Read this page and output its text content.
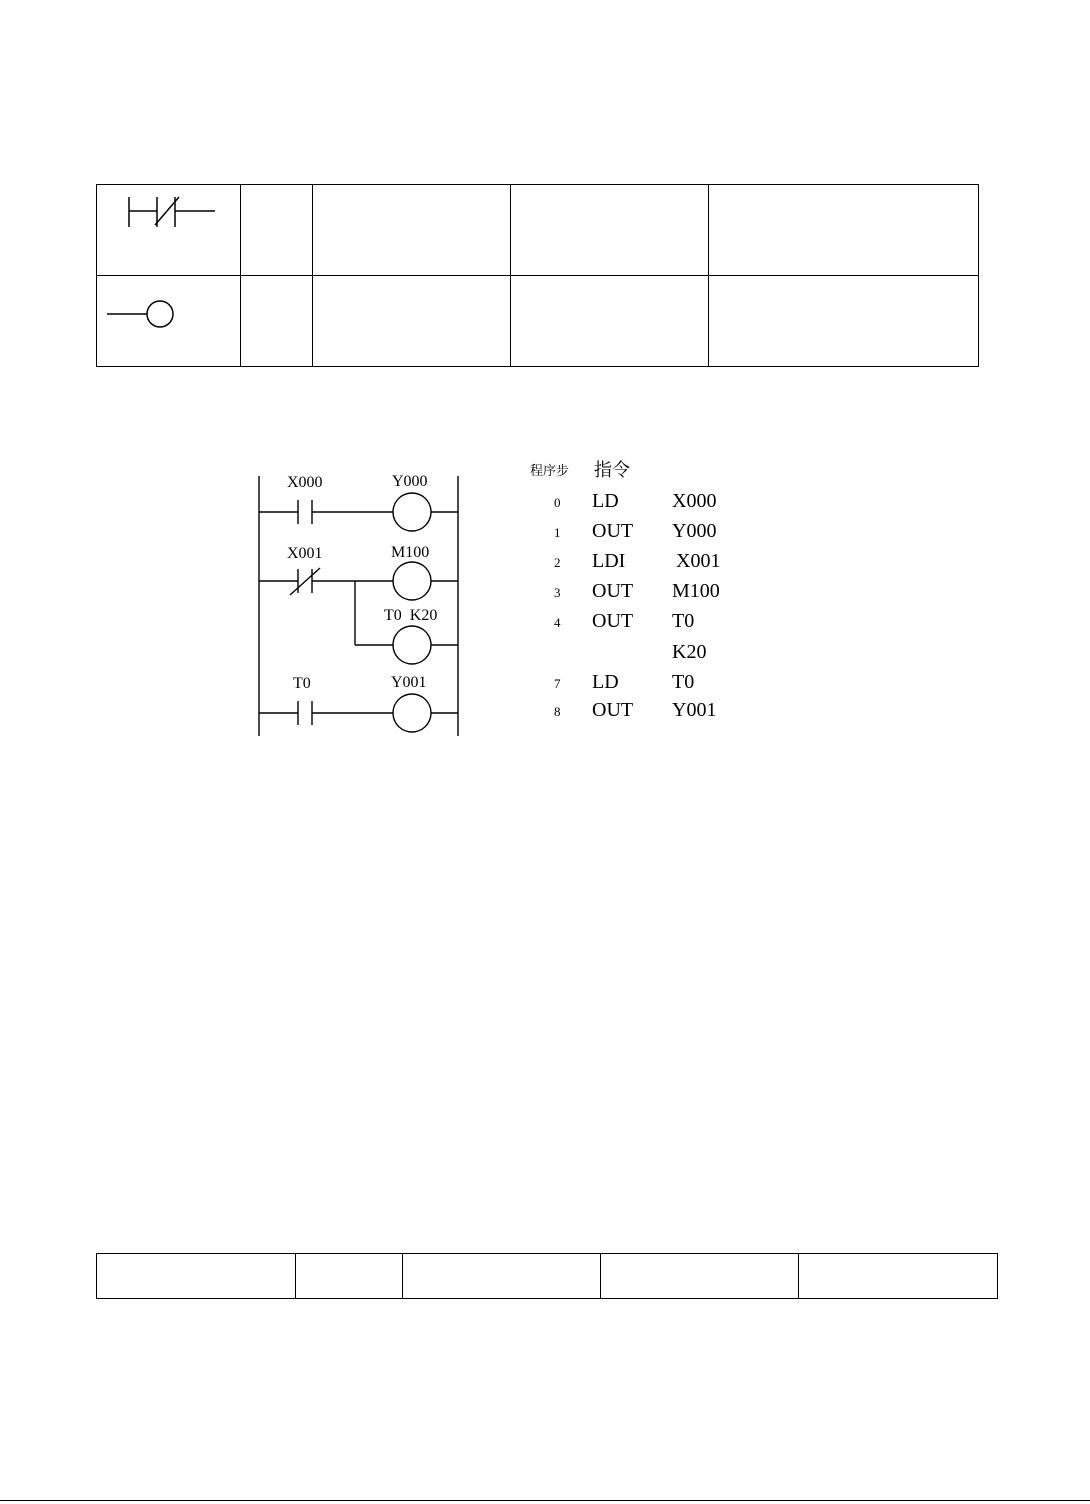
X000	Y000
X001	M100
T0  K20
T0	Y001
程序步	指令
0	LD	X000
1	OUT	Y000
2	LDI	X001
3	OUT	M100
4	OUT	T0
K20
7	LD	T0
8	OUT	Y001
